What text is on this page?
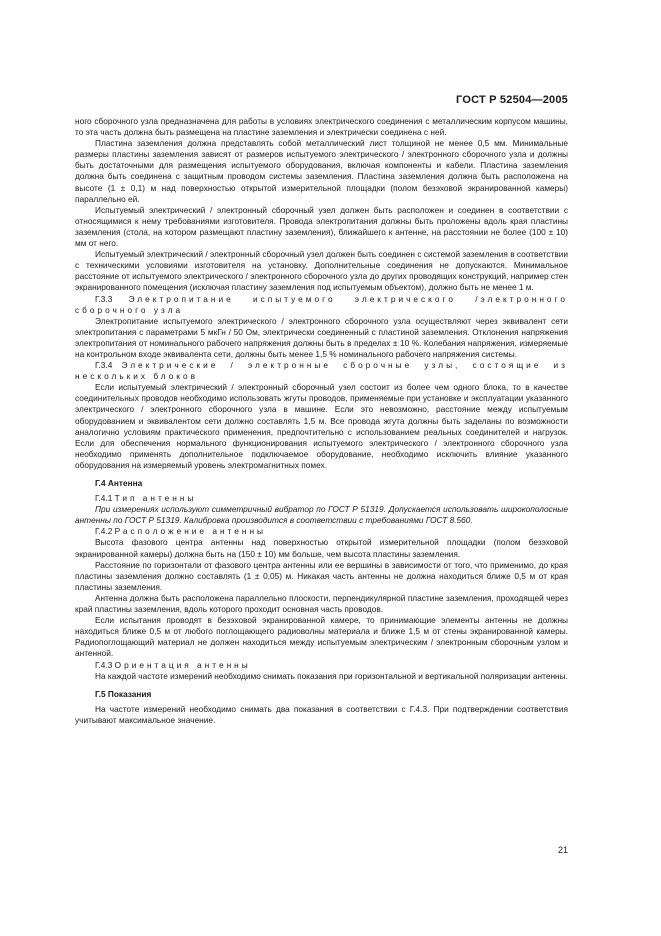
ГОСТ Р 52504—2005

ного сборочного узла предназначена для работы в условиях электрического соединения с металлическим корпусом машины, то эта часть должна быть размещена на пластине заземления и электрически соединена с ней.

Пластина заземления должна представлять собой металлический лист толщиной не менее 0,5 мм. Минимальные размеры пластины заземления зависят от размеров испытуемого электрического / электронного сборочного узла и должны быть достаточными для размещения испытуемого оборудования, включая компоненты и кабели. Пластина заземления должна быть соединена с защитным проводом системы заземления. Пластина заземления должна быть расположена на высоте (1 ± 0,1) м над поверхностью открытой измерительной площадки (полом безэховой экранированной камеры) параллельно ей.

Испытуемый электрический / электронный сборочный узел должен быть расположен и соединен в соответствии с относящимися к нему требованиями изготовителя. Провода электропитания должны быть проложены вдоль края пластины заземления (стола, на котором размещают пластину заземления), ближайшего к антенне, на расстоянии не более (100 ± 10) мм от него.

Испытуемый электрический / электронный сборочный узел должен быть соединен с системой заземления в соответствии с техническими условиями изготовителя на установку. Дополнительные соединения не допускаются. Минимальное расстояние от испытуемого электрического / электронного сборочного узла до других проводящих конструкций, например стен экранированного помещения (исключая пластину заземления под испытуемым объектом), должно быть не менее 1 м.

Г.3.3 Электропитание испытуемого электрического /электронного сборочного узла

Электропитание испытуемого электрического / электронного сборочного узла осуществляют через эквивалент сети электропитания с параметрами 5 мкГн / 50 Ом, электрически соединенный с пластиной заземления. Отклонения напряжения электропитания от номинального рабочего напряжения должны быть в пределах ± 10 %. Колебания напряжения, измеряемые на контрольном входе эквивалента сети, должны быть менее 1,5 % номинального рабочего напряжения системы.

Г.3.4 Электрические / электронные сборочные узлы, состоящие из нескольких блоков

Если испытуемый электрический / электронный сборочный узел состоит из более чем одного блока, то в качестве соединительных проводов необходимо использовать жгуты проводов, применяемые при установке и эксплуатации указанного электрического / электронного сборочного узла в машине. Если это невозможно, расстояние между испытуемым оборудованием и эквивалентом сети должно составлять 1,5 м. Все провода жгута должны быть заделаны по возможности аналогично условиям практического применения, предпочтительно с использованием реальных соединителей и нагрузок. Если для обеспечения нормального функционирования испытуемого электрического / электронного сборочного узла необходимо применять дополнительное подключаемое оборудование, необходимо исключить влияние указанного оборудования на измеряемый уровень электромагнитных помех.

Г.4 Антенна

Г.4.1 Тип антенны

При измерениях используют симметричный вибратор по ГОСТ Р 51319. Допускается использовать широкополосные антенны по ГОСТ Р 51319. Калибровка производится в соответствии с требованиями ГОСТ 8.560.

Г.4.2 Расположение антенны

Высота фазового центра антенны над поверхностью открытой измерительной площадки (полом безэховой экранированной камеры) должна быть на (150 ± 10) мм больше, чем высота пластины заземления.

Расстояние по горизонтали от фазового центра антенны или ее вершины в зависимости от того, что применимо, до края пластины заземления должно составлять (1 ± 0,05) м. Никакая часть антенны не должна находиться ближе 0,5 м от края пластины заземления.

Антенна должна быть расположена параллельно плоскости, перпендикулярной пластине заземления, проходящей через край пластины заземления, вдоль которого проходит основная часть проводов.

Если испытания проводят в безэховой экранированной камере, то принимающие элементы антенны не должны находиться ближе 0,5 м от любого поглощающего радиоволны материала и ближе 1,5 м от стены экранированной камеры. Радиопоглощающий материал не должен находиться между испытуемым электрическим / электронным сборочным узлом и антенной.

Г.4.3 Ориентация антенны

На каждой частоте измерений необходимо снимать показания при горизонтальной и вертикальной поляризации антенны.

Г.5 Показания

На частоте измерений необходимо снимать два показания в соответствии с Г.4.3. При подтверждении соответствия учитывают максимальное значение.

21
